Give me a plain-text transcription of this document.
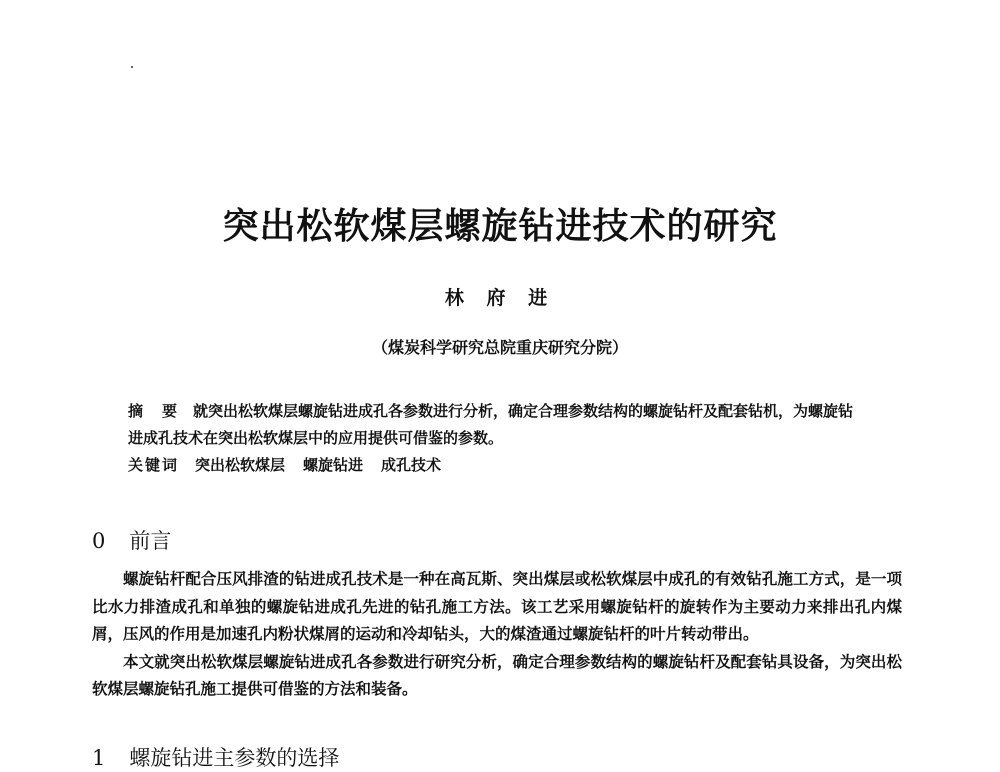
突出松软煤层螺旋钻进技术的研究
林 府 进
（煤炭科学研究总院重庆研究分院）

摘　要 就突出松软煤层螺旋钻进成孔各参数进行分析，确定合理参数结构的螺旋钻杆及配套钻机，为螺旋钻进成孔技术在突出松软煤层中的应用提供可借鉴的参数。

关键词 突出松软煤层 螺旋钻进 成孔技术

0 前言

螺旋钻杆配合压风排渣的钻进成孔技术是一种在高瓦斯、突出煤层或松软煤层中成孔的有效钻孔施工方式，是一项比水力排渣成孔和单独的螺旋钻进成孔先进的钻孔施工方法。该工艺采用螺旋钻杆的旋转作为主要动力来排出孔内煤屑，压风的作用是加速孔内粉状煤屑的运动和冷却钻头，大的煤渣通过螺旋钻杆的叶片转动带出。

本文就突出松软煤层螺旋钻进成孔各参数进行研究分析，确定合理参数结构的螺旋钻杆及配套钻具设备，为突出松软煤层螺旋钻孔施工提供可借鉴的方法和装备。

1 螺旋钻进主参数的选择
